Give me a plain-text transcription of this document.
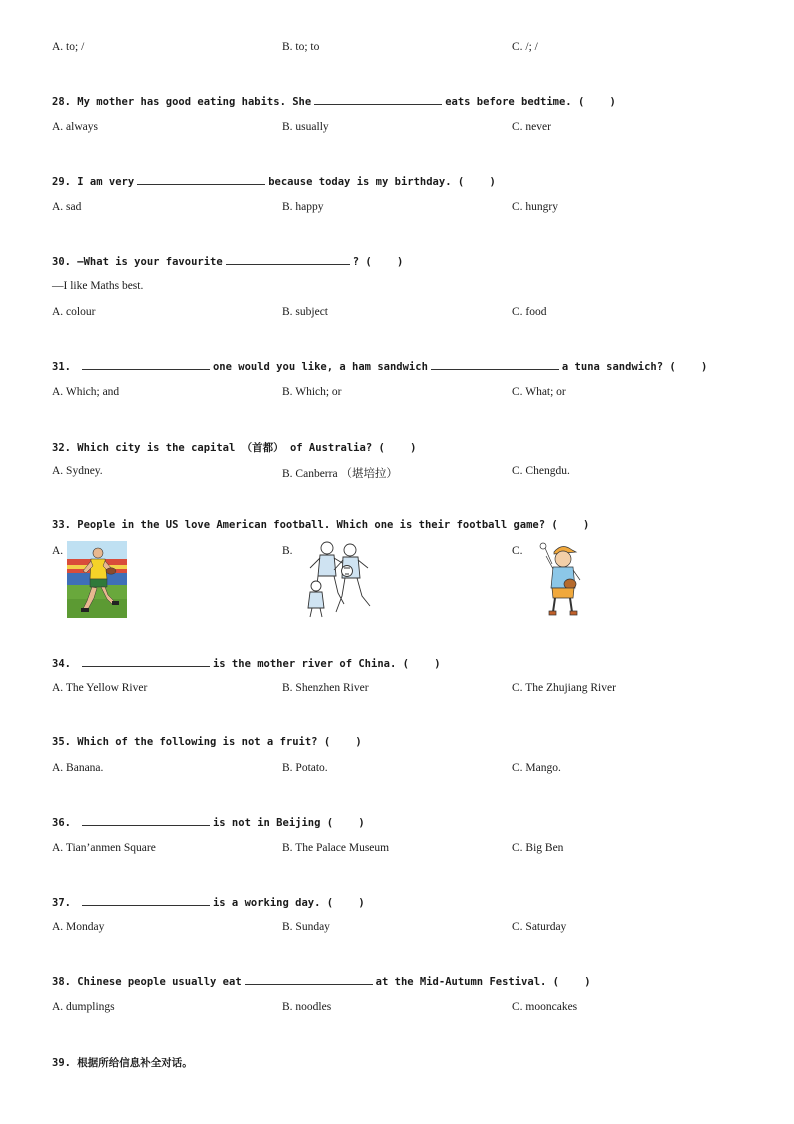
A. to; /	B. to; to	C. /; /
28. My mother has good eating habits. She	eats before bedtime. (    )
A. always	B. usually	C. never
29. I am very	because today is my birthday. (    )
A. sad	B. happy	C. hungry
30. —What is your favourite	? (    )
—I like Maths best.
A. colour	B. subject	C. food
31.	one would you like, a ham sandwich	a tuna sandwich? (    )
A. Which; and	B. Which; or	C. What; or
32. Which city is the capital （首都） of Australia? (    )
A. Sydney.	B. Canberra （堪培拉）	C. Chengdu.
33. People in the US love American football. Which one is their football game? (    )
A.	B.	C.
34.	is the mother river of China. (    )
A. The Yellow River	B. Shenzhen River	C. The Zhujiang River
35. Which of the following is not a fruit? (    )
A. Banana.	B. Potato.	C. Mango.
36.	is not in Beijing (    )
A. Tian’anmen Square	B. The Palace Museum	C. Big Ben
37.	is a working day. (    )
A. Monday	B. Sunday	C. Saturday
38. Chinese people usually eat	at the Mid-Autumn Festival. (    )
A. dumplings	B. noodles	C. mooncakes
39. 根据所给信息补全对话。
